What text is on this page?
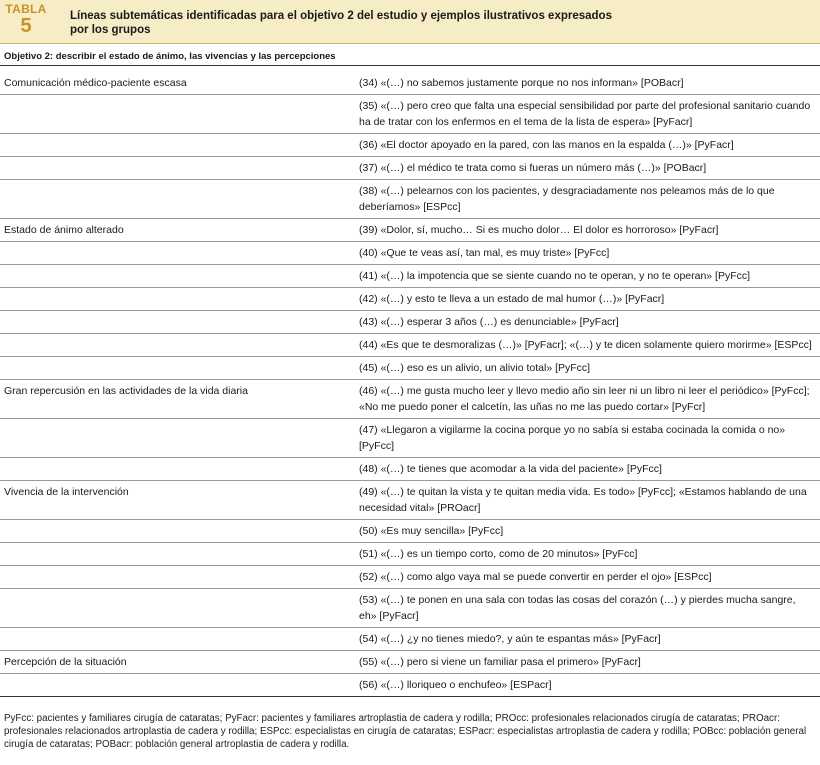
TABLA
5	Líneas subtemáticas identificadas para el objetivo 2 del estudio y ejemplos ilustrativos expresados por los grupos
Objetivo 2: describir el estado de ánimo, las vivencias y las percepciones
Comunicación médico-paciente escasa	(34) «(…) no sabemos justamente porque no nos informan» [POBacr]
	(35) «(…) pero creo que falta una especial sensibilidad por parte del profesional sanitario cuando ha de tratar con los enfermos en el tema de la lista de espera» [PyFacr]
	(36) «El doctor apoyado en la pared, con las manos en la espalda (…)» [PyFacr]
	(37) «(…) el médico te trata como si fueras un número más (…)» [POBacr]
	(38) «(…) pelearnos con los pacientes, y desgraciadamente nos peleamos más de lo que deberíamos» [ESPcc]
Estado de ánimo alterado	(39) «Dolor, sí, mucho… Si es mucho dolor… El dolor es horroroso» [PyFacr]
	(40) «Que te veas así, tan mal, es muy triste» [PyFcc]
	(41) «(…) la impotencia que se siente cuando no te operan, y no te operan» [PyFcc]
	(42) «(…) y esto te lleva a un estado de mal humor (…)» [PyFacr]
	(43) «(…) esperar 3 años (…) es denunciable» [PyFacr]
	(44) «Es que te desmoralizas (…)» [PyFacr]; «(…) y te dicen solamente quiero morirme» [ESPcc]
	(45) «(…) eso es un alivio, un alivio total» [PyFcc]
Gran repercusión en las actividades de la vida diaria	(46) «(…) me gusta mucho leer y llevo medio año sin leer ni un libro ni leer el periódico» [PyFcc]; «No me puedo poner el calcetín, las uñas no me las puedo cortar» [PyFcr]
	(47) «Llegaron a vigilarme la cocina porque yo no sabía si estaba cocinada la comida o no» [PyFcc]
	(48) «(…) te tienes que acomodar a la vida del paciente» [PyFcc]
Vivencia de la intervención	(49) «(…) te quitan la vista y te quitan media vida. Es todo» [PyFcc]; «Estamos hablando de una necesidad vital» [PROacr]
	(50) «Es muy sencilla» [PyFcc]
	(51) «(…) es un tiempo corto, como de 20 minutos» [PyFcc]
	(52) «(…) como algo vaya mal se puede convertir en perder el ojo» [ESPcc]
	(53) «(…) te ponen en una sala con todas las cosas del corazón (…) y pierdes mucha sangre, eh» [PyFacr]
	(54) «(…) ¿y no tienes miedo?, y aún te espantas más» [PyFacr]
Percepción de la situación	(55) «(…) pero si viene un familiar pasa el primero» [PyFacr]
	(56) «(…) lloriqueo o enchufeo» [ESPacr]
PyFcc: pacientes y familiares cirugía de cataratas; PyFacr: pacientes y familiares artroplastia de cadera y rodilla; PROcc: profesionales relacionados cirugía de cataratas; PROacr: profesionales relacionados artroplastia de cadera y rodilla; ESPcc: especialistas en cirugía de cataratas; ESPacr: especialistas artroplastia de cadera y rodilla; POBcc: población general cirugía de cataratas; POBacr: población general artroplastia de cadera y rodilla.
